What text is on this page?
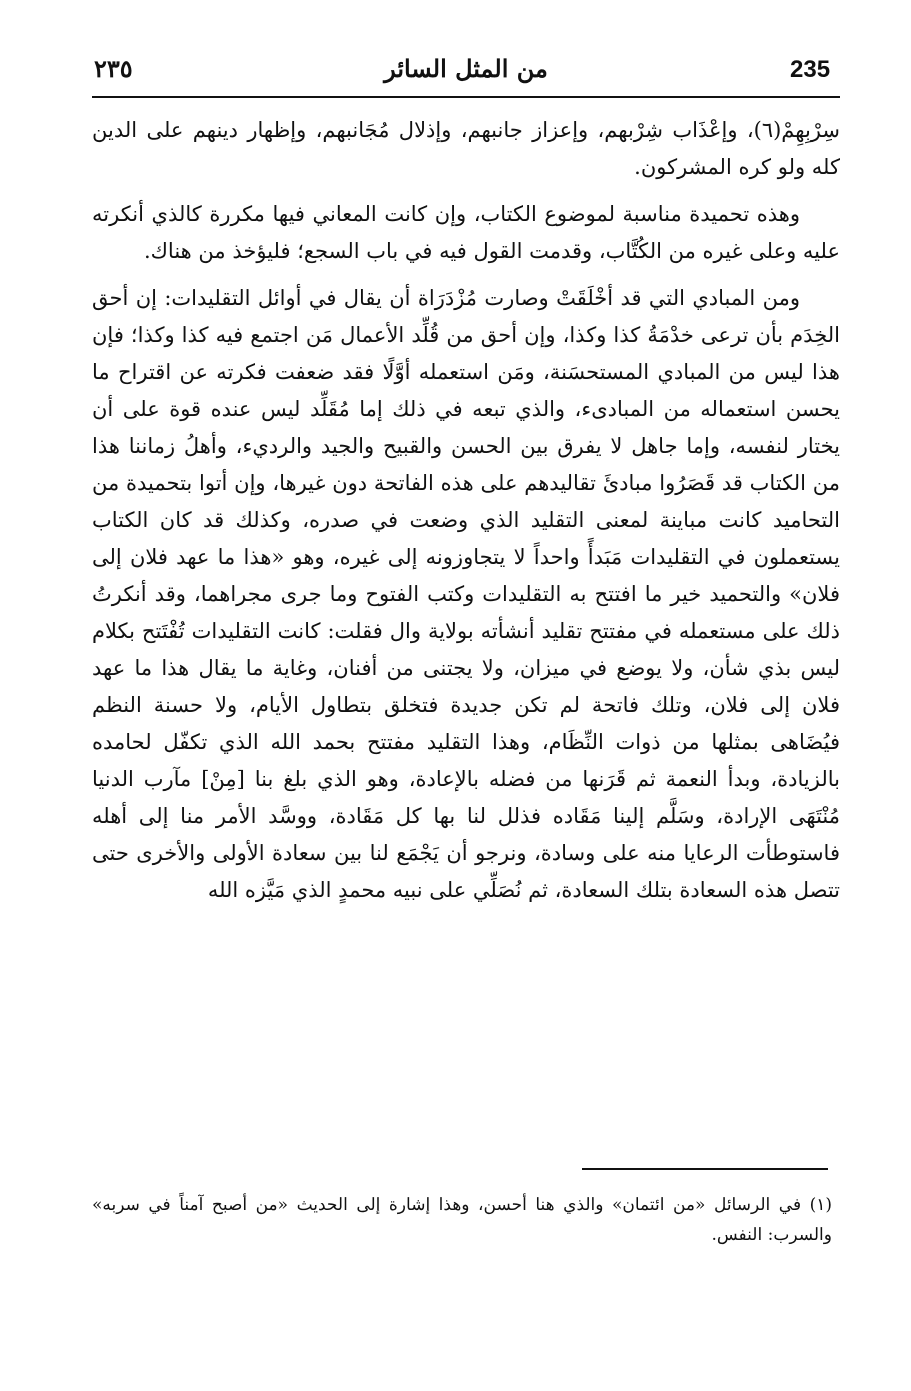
235
من المثل السائر
٢٣٥

سِرْبِهِمْ(٦)، وإعْذَاب شِرْبهم، وإعزاز جانبهم، وإذلال مُجَانبهم، وإظهار دينهم على الدين كله ولو كره المشركون.

وهذه تحميدة مناسبة لموضوع الكتاب، وإن كانت المعاني فيها مكررة كالذي أنكرته عليه وعلى غيره من الكُتَّاب، وقدمت القول فيه في باب السجع؛ فليؤخذ من هناك.

ومن المبادي التي قد أخْلَقَتْ وصارت مُزْدَرَاة أن يقال في أوائل التقليدات: إن أحق الخِدَم بأن ترعى خدْمَةُ كذا وكذا، وإن أحق من قُلِّد الأعمال مَن اجتمع فيه كذا وكذا؛ فإن هذا ليس من المبادي المستحسَنة، ومَن استعمله أوَّلًا فقد ضعفت فكرته عن اقتراح ما يحسن استعماله من المبادىء، والذي تبعه في ذلك إما مُقَلِّد ليس عنده قوة على أن يختار لنفسه، وإما جاهل لا يفرق بين الحسن والقبيح والجيد والرديء، وأهلُ زماننا هذا من الكتاب قد قَصَرُوا مبادئَ تقاليدهم على هذه الفاتحة دون غيرها، وإن أتوا بتحميدة من التحاميد كانت مباينة لمعنى التقليد الذي وضعت في صدره، وكذلك قد كان الكتاب يستعملون في التقليدات مَبَدأً واحداً لا يتجاوزونه إلى غيره، وهو «هذا ما عهد فلان إلى فلان» والتحميد خير ما افتتح به التقليدات وكتب الفتوح وما جرى مجراهما، وقد أنكرتُ ذلك على مستعمله في مفتتح تقليد أنشأته بولاية وال فقلت: كانت التقليدات تُفْتَتح بكلام ليس بذي شأن، ولا يوضع في ميزان، ولا يجتنى من أفنان، وغاية ما يقال هذا ما عهد فلان إلى فلان، وتلك فاتحة لم تكن جديدة فتخلق بتطاول الأيام، ولا حسنة النظم فيُضَاهى بمثلها من ذوات النِّظَام، وهذا التقليد مفتتح بحمد الله الذي تكفّل لحامده بالزيادة، وبدأ النعمة ثم قَرَنها من فضله بالإعادة، وهو الذي بلغ بنا [مِنْ] مآرب الدنيا مُنْتَهَى الإرادة، وسَلَّم إلينا مَقَاده فذلل لنا بها كل مَقَادة، ووسَّد الأمر منا إلى أهله فاستوطأت الرعايا منه على وسادة، ونرجو أن يَجْمَع لنا بين سعادة الأولى والأخرى حتى تتصل هذه السعادة بتلك السعادة، ثم نُصَلِّي على نبيه محمدٍ الذي مَيَّزه الله

(١) في الرسائل «من ائتمان» والذي هنا أحسن، وهذا إشارة إلى الحديث «من أصبح آمناً في سربه» والسرب: النفس.
